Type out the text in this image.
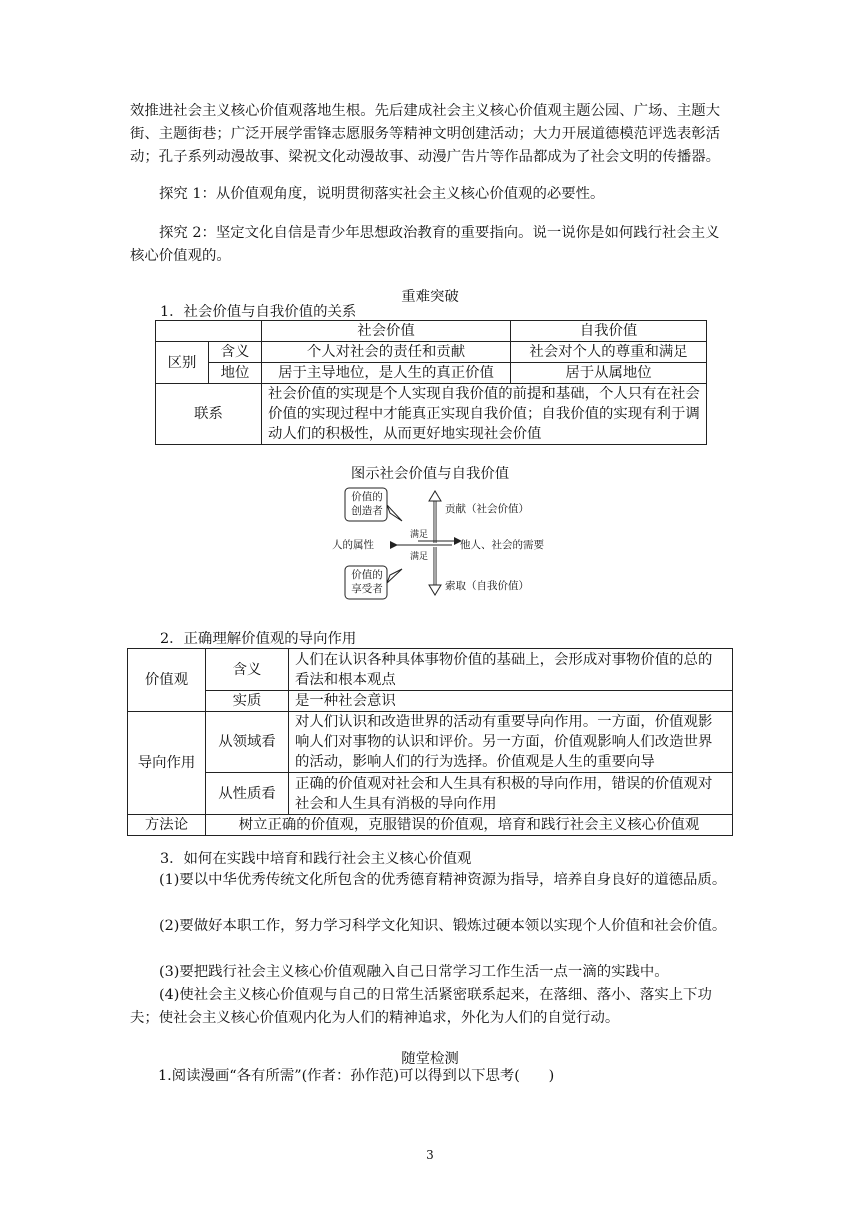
效推进社会主义核心价值观落地生根。先后建成社会主义核心价值观主题公园、广场、主题大街、主题街巷；广泛开展学雷锋志愿服务等精神文明创建活动；大力开展道德模范评选表彰活动；孔子系列动漫故事、梁祝文化动漫故事、动漫广告片等作品都成为了社会文明的传播器。

探究 1：从价值观角度，说明贯彻落实社会主义核心价值观的必要性。

探究 2：坚定文化自信是青少年思想政治教育的重要指向。说一说你是如何践行社会主义核心价值观的。

重难突破
1．社会价值与自我价值的关系
		社会价值	自我价值
区别	含义	个人对社会的责任和贡献	社会对个人的尊重和满足
	地位	居于主导地位，是人生的真正价值	居于从属地位
联系		社会价值的实现是个人实现自我价值的前提和基础，个人只有在社会价值的实现过程中才能真正实现自我价值；自我价值的实现有利于调动人们的积极性，从而更好地实现社会价值	
图示社会价值与自我价值
价值的创造者
价值的享受者
贡献（社会价值）
索取（自我价值）
满足
满足
人的属性	他人、社会的需要
2．正确理解价值观的导向作用
价值观	含义	人们在认识各种具体事物价值的基础上，会形成对事物价值的总的看法和根本观点
	实质	是一种社会意识
导向作用	从领域看	对人们认识和改造世界的活动有重要导向作用。一方面，价值观影响人们对事物的认识和评价。另一方面，价值观影响人们改造世界的活动，影响人们的行为选择。价值观是人生的重要向导
	从性质看	正确的价值观对社会和人生具有积极的导向作用，错误的价值观对社会和人生具有消极的导向作用
方法论	树立正确的价值观，克服错误的价值观，培育和践行社会主义核心价值观	
3．如何在实践中培育和践行社会主义核心价值观

(1)要以中华优秀传统文化所包含的优秀德育精神资源为指导，培养自身良好的道德品质。

(2)要做好本职工作，努力学习科学文化知识、锻炼过硬本领以实现个人价值和社会价值。

(3)要把践行社会主义核心价值观融入自己日常学习工作生活一点一滴的实践中。

(4)使社会主义核心价值观与自己的日常生活紧密联系起来，在落细、落小、落实上下功夫；使社会主义核心价值观内化为人们的精神追求，外化为人们的自觉行动。

随堂检测
1.阅读漫画“各有所需”(作者：孙作范)可以得到以下思考(　　)
3
